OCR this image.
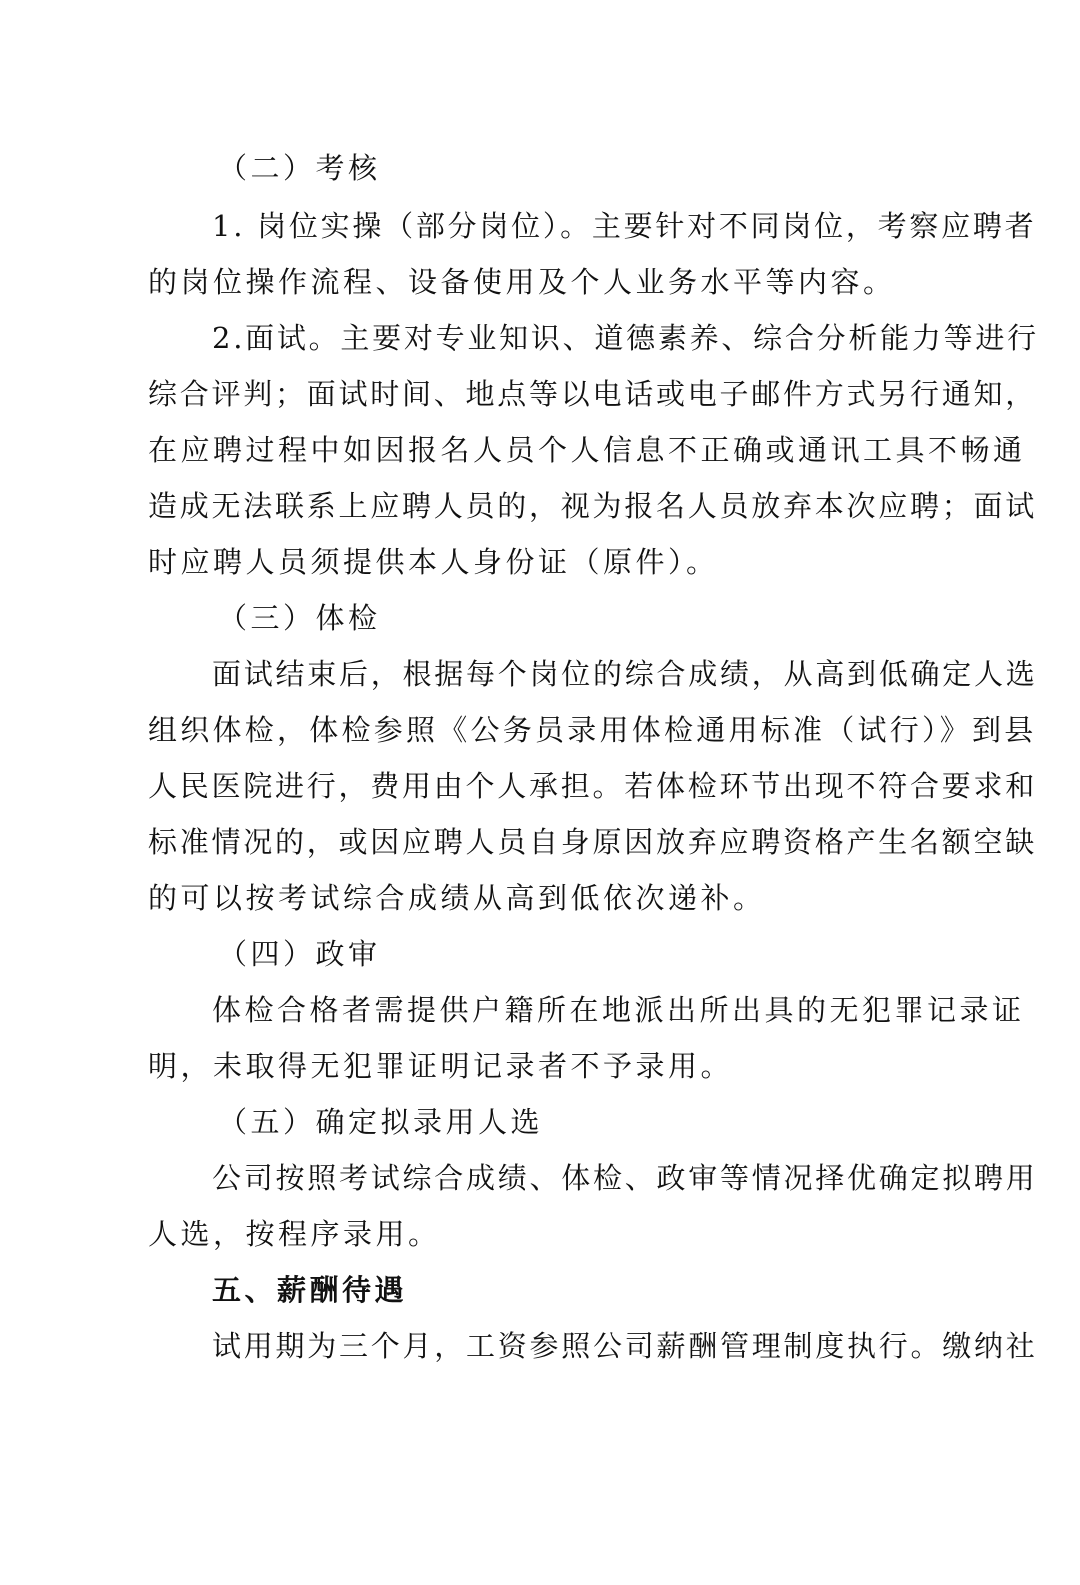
（二）考核
1. 岗位实操（部分岗位）。主要针对不同岗位，考察应聘者
的岗位操作流程、设备使用及个人业务水平等内容。
2.面试。主要对专业知识、道德素养、综合分析能力等进行
综合评判；面试时间、地点等以电话或电子邮件方式另行通知，
在应聘过程中如因报名人员个人信息不正确或通讯工具不畅通
造成无法联系上应聘人员的，视为报名人员放弃本次应聘；面试
时应聘人员须提供本人身份证（原件）。
（三）体检
面试结束后，根据每个岗位的综合成绩，从高到低确定人选
组织体检，体检参照《公务员录用体检通用标准（试行）》到县
人民医院进行，费用由个人承担。若体检环节出现不符合要求和
标准情况的，或因应聘人员自身原因放弃应聘资格产生名额空缺
的可以按考试综合成绩从高到低依次递补。
（四）政审
体检合格者需提供户籍所在地派出所出具的无犯罪记录证
明，未取得无犯罪证明记录者不予录用。
（五）确定拟录用人选
公司按照考试综合成绩、体检、政审等情况择优确定拟聘用
人选，按程序录用。
五、薪酬待遇
试用期为三个月，工资参照公司薪酬管理制度执行。缴纳社
